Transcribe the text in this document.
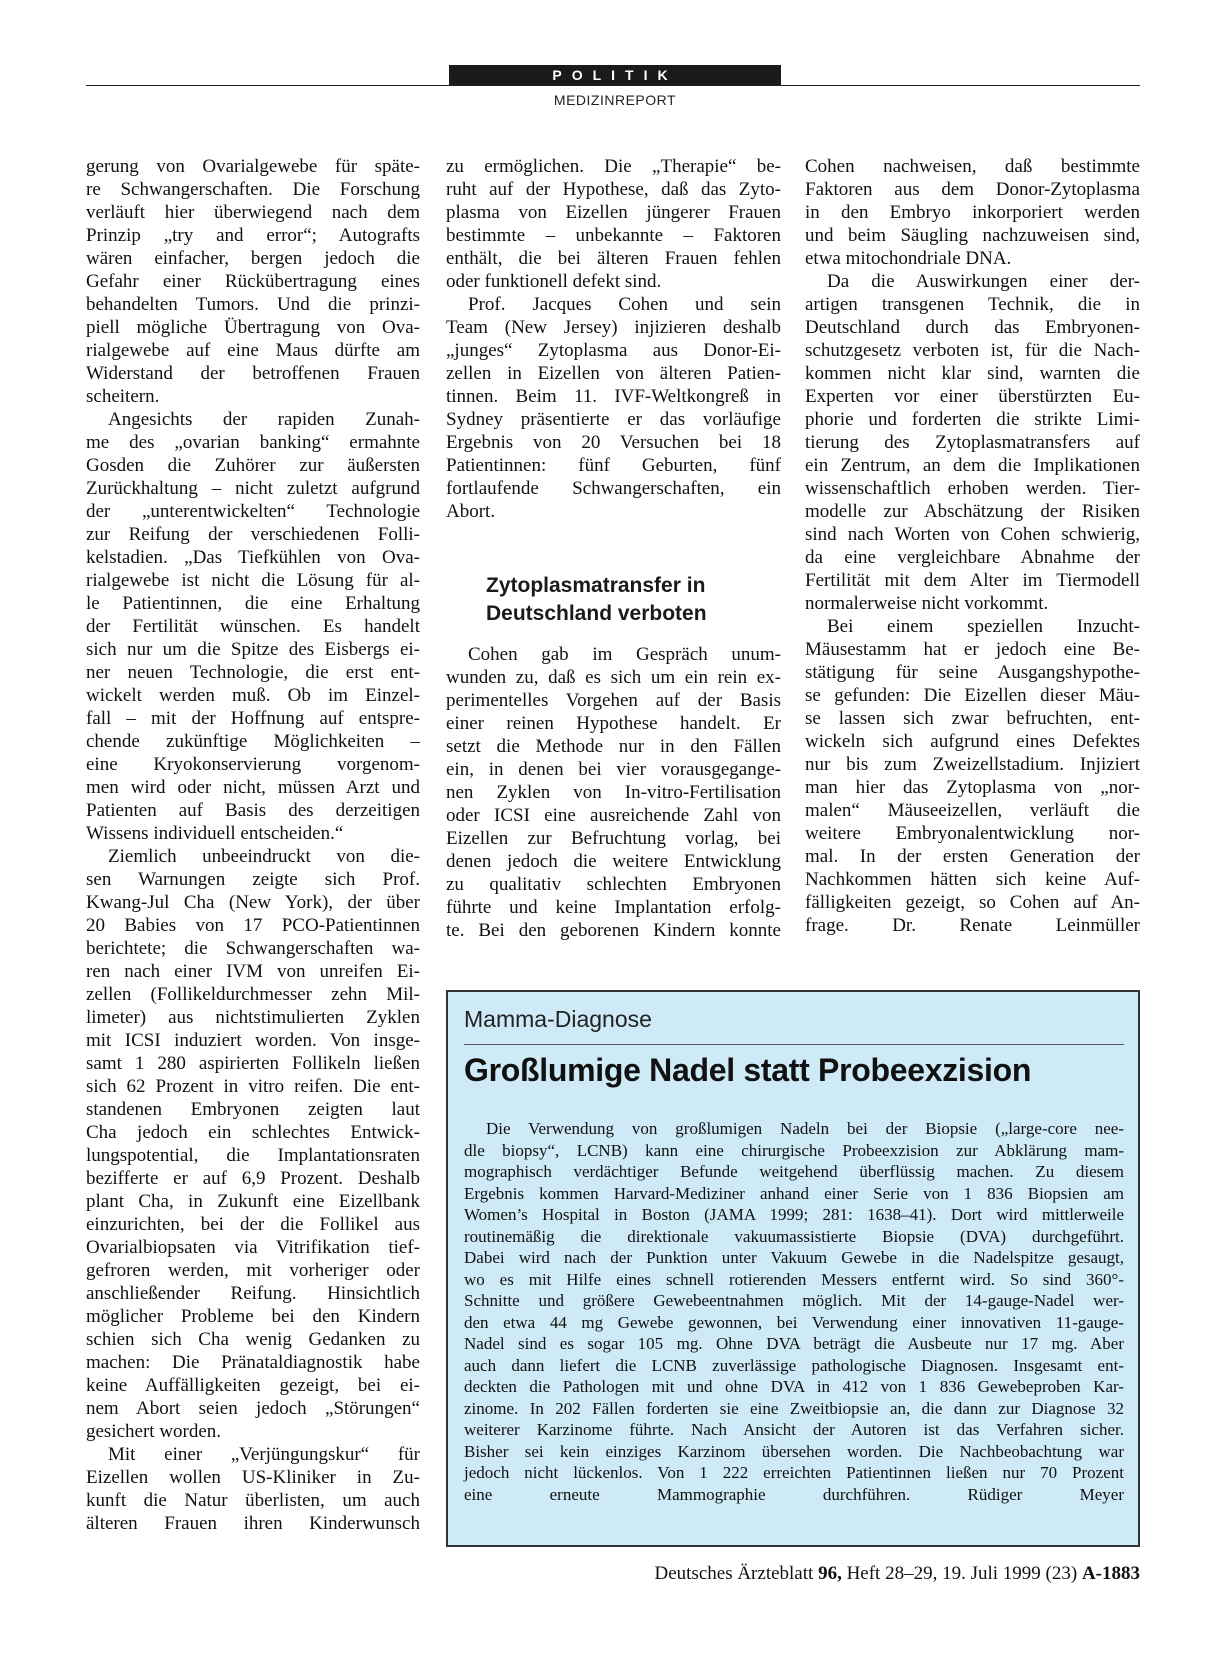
POLITIK
MEDIZINREPORT
gerung von Ovarialgewebe für späte-
re Schwangerschaften. Die Forschung
verläuft hier überwiegend nach dem
Prinzip „try and error“; Autografts
wären einfacher, bergen jedoch die
Gefahr einer Rückübertragung eines
behandelten Tumors. Und die prinzi-
piell mögliche Übertragung von Ova-
rialgewebe auf eine Maus dürfte am
Widerstand der betroffenen Frauen
scheitern.
Angesichts der rapiden Zunah-
me des „ovarian banking“ ermahnte
Gosden die Zuhörer zur äußersten
Zurückhaltung – nicht zuletzt aufgrund
der „unterentwickelten“ Technologie
zur Reifung der verschiedenen Folli-
kelstadien. „Das Tiefkühlen von Ova-
rialgewebe ist nicht die Lösung für al-
le Patientinnen, die eine Erhaltung
der Fertilität wünschen. Es handelt
sich nur um die Spitze des Eisbergs ei-
ner neuen Technologie, die erst ent-
wickelt werden muß. Ob im Einzel-
fall – mit der Hoffnung auf entspre-
chende zukünftige Möglichkeiten –
eine Kryokonservierung vorgenom-
men wird oder nicht, müssen Arzt und
Patienten auf Basis des derzeitigen
Wissens individuell entscheiden.“
Ziemlich unbeeindruckt von die-
sen Warnungen zeigte sich Prof.
Kwang-Jul Cha (New York), der über
20 Babies von 17 PCO-Patientinnen
berichtete; die Schwangerschaften wa-
ren nach einer IVM von unreifen Ei-
zellen (Follikeldurchmesser zehn Mil-
limeter) aus nichtstimulierten Zyklen
mit ICSI induziert worden. Von insge-
samt 1 280 aspirierten Follikeln ließen
sich 62 Prozent in vitro reifen. Die ent-
standenen Embryonen zeigten laut
Cha jedoch ein schlechtes Entwick-
lungspotential, die Implantationsraten
bezifferte er auf 6,9 Prozent. Deshalb
plant Cha, in Zukunft eine Eizellbank
einzurichten, bei der die Follikel aus
Ovarialbiopsaten via Vitrifikation tief-
gefroren werden, mit vorheriger oder
anschließender Reifung. Hinsichtlich
möglicher Probleme bei den Kindern
schien sich Cha wenig Gedanken zu
machen: Die Pränataldiagnostik habe
keine Auffälligkeiten gezeigt, bei ei-
nem Abort seien jedoch „Störungen“
gesichert worden.
Mit einer „Verjüngungskur“ für
Eizellen wollen US-Kliniker in Zu-
kunft die Natur überlisten, um auch
älteren Frauen ihren Kinderwunsch
zu ermöglichen. Die „Therapie“ be-
ruht auf der Hypothese, daß das Zyto-
plasma von Eizellen jüngerer Frauen
bestimmte – unbekannte – Faktoren
enthält, die bei älteren Frauen fehlen
oder funktionell defekt sind.
Prof. Jacques Cohen und sein
Team (New Jersey) injizieren deshalb
„junges“ Zytoplasma aus Donor-Ei-
zellen in Eizellen von älteren Patien-
tinnen. Beim 11. IVF-Weltkongreß in
Sydney präsentierte er das vorläufige
Ergebnis von 20 Versuchen bei 18
Patientinnen: fünf Geburten, fünf
fortlaufende Schwangerschaften, ein
Abort.
Zytoplasmatransfer in
Deutschland verboten
Cohen gab im Gespräch unum-
wunden zu, daß es sich um ein rein ex-
perimentelles Vorgehen auf der Basis
einer reinen Hypothese handelt. Er
setzt die Methode nur in den Fällen
ein, in denen bei vier vorausgegange-
nen Zyklen von In-vitro-Fertilisation
oder ICSI eine ausreichende Zahl von
Eizellen zur Befruchtung vorlag, bei
denen jedoch die weitere Entwicklung
zu qualitativ schlechten Embryonen
führte und keine Implantation erfolg-
te. Bei den geborenen Kindern konnte
Cohen nachweisen, daß bestimmte
Faktoren aus dem Donor-Zytoplasma
in den Embryo inkorporiert werden
und beim Säugling nachzuweisen sind,
etwa mitochondriale DNA.
Da die Auswirkungen einer der-
artigen transgenen Technik, die in
Deutschland durch das Embryonen-
schutzgesetz verboten ist, für die Nach-
kommen nicht klar sind, warnten die
Experten vor einer überstürzten Eu-
phorie und forderten die strikte Limi-
tierung des Zytoplasmatransfers auf
ein Zentrum, an dem die Implikationen
wissenschaftlich erhoben werden. Tier-
modelle zur Abschätzung der Risiken
sind nach Worten von Cohen schwierig,
da eine vergleichbare Abnahme der
Fertilität mit dem Alter im Tiermodell
normalerweise nicht vorkommt.
Bei einem speziellen Inzucht-
Mäusestamm hat er jedoch eine Be-
stätigung für seine Ausgangshypothe-
se gefunden: Die Eizellen dieser Mäu-
se lassen sich zwar befruchten, ent-
wickeln sich aufgrund eines Defektes
nur bis zum Zweizellstadium. Injiziert
man hier das Zytoplasma von „nor-
malen“ Mäuseeizellen, verläuft die
weitere Embryonalentwicklung nor-
mal. In der ersten Generation der
Nachkommen hätten sich keine Auf-
fälligkeiten gezeigt, so Cohen auf An-
frage. Dr. Renate Leinmüller
Mamma-Diagnose
Großlumige Nadel statt Probeexzision
Die Verwendung von großlumigen Nadeln bei der Biopsie („large-core nee-
dle biopsy“, LCNB) kann eine chirurgische Probeexzision zur Abklärung mam-
mographisch verdächtiger Befunde weitgehend überflüssig machen. Zu diesem
Ergebnis kommen Harvard-Mediziner anhand einer Serie von 1 836 Biopsien am
Women’s Hospital in Boston (JAMA 1999; 281: 1638–41). Dort wird mittlerweile
routinemäßig die direktionale vakuumassistierte Biopsie (DVA) durchgeführt.
Dabei wird nach der Punktion unter Vakuum Gewebe in die Nadelspitze gesaugt,
wo es mit Hilfe eines schnell rotierenden Messers entfernt wird. So sind 360°-
Schnitte und größere Gewebeentnahmen möglich. Mit der 14-gauge-Nadel wer-
den etwa 44 mg Gewebe gewonnen, bei Verwendung einer innovativen 11-gauge-
Nadel sind es sogar 105 mg. Ohne DVA beträgt die Ausbeute nur 17 mg. Aber
auch dann liefert die LCNB zuverlässige pathologische Diagnosen. Insgesamt ent-
deckten die Pathologen mit und ohne DVA in 412 von 1 836 Gewebeproben Kar-
zinome. In 202 Fällen forderten sie eine Zweitbiopsie an, die dann zur Diagnose 32
weiterer Karzinome führte. Nach Ansicht der Autoren ist das Verfahren sicher.
Bisher sei kein einziges Karzinom übersehen worden. Die Nachbeobachtung war
jedoch nicht lückenlos. Von 1 222 erreichten Patientinnen ließen nur 70 Prozent
eine erneute Mammographie durchführen. Rüdiger Meyer
Deutsches Ärzteblatt 96, Heft 28–29, 19. Juli 1999 (23) A-1883
